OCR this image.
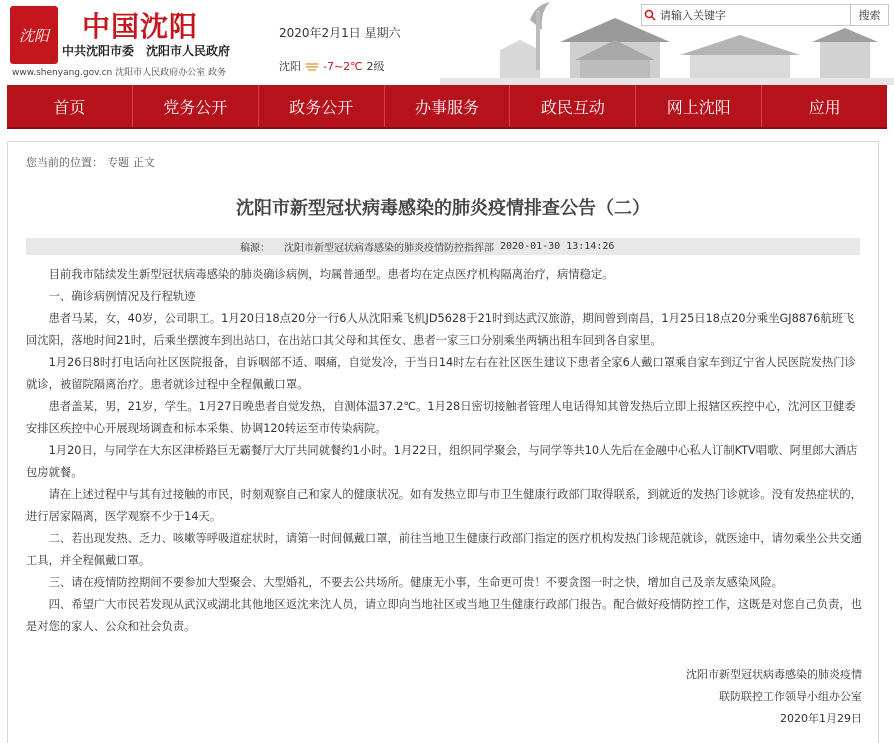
沈阳 中国沈阳
中共沈阳市委　沈阳市人民政府
www.shenyang.gov.cn 沈阳市人民政府办公室 政务
2020年2月1日 星期六
沈阳 -7~2℃ 2级
请输入关键字
搜索
首页	党务公开	政务公开	办事服务	政民互动	网上沈阳	应用
您当前的位置： 专题 正文
沈阳市新型冠状病毒感染的肺炎疫情排查公告（二）
稿源： 沈阳市新型冠状病毒感染的肺炎疫情防控指挥部 2020-01-30 13:14:26

目前我市陆续发生新型冠状病毒感染的肺炎确诊病例，均属普通型。患者均在定点医疗机构隔离治疗，病情稳定。

一、确诊病例情况及行程轨迹

患者马某，女，40岁，公司职工。1月20日18点20分一行6人从沈阳乘飞机JD5628于21时到达武汉旅游，期间曾到南昌，1月25日18点20分乘坐GJ8876航班飞回沈阳，落地时间21时，后乘坐摆渡车到出站口，在出站口其父母和其侄女、患者一家三口分别乘坐两辆出租车回到各自家里。

1月26日8时打电话向社区医院报备，自诉咽部不适、咽痛，自觉发冷，于当日14时左右在社区医生建议下患者全家6人戴口罩乘自家车到辽宁省人民医院发热门诊就诊，被留院隔离治疗。患者就诊过程中全程佩戴口罩。

患者盖某，男，21岁，学生。1月27日晚患者自觉发热，自测体温37.2℃。1月28日密切接触者管理人电话得知其曾发热后立即上报辖区疾控中心，沈河区卫健委安排区疾控中心开展现场调查和标本采集、协调120转运至市传染病院。

1月20日，与同学在大东区津桥路巨无霸餐厅大厅共同就餐约1小时。1月22日，组织同学聚会，与同学等共10人先后在金融中心私人订制KTV唱歌、阿里郎大酒店包房就餐。

请在上述过程中与其有过接触的市民，时刻观察自己和家人的健康状况。如有发热立即与市卫生健康行政部门取得联系，到就近的发热门诊就诊。没有发热症状的，进行居家隔离，医学观察不少于14天。

二、若出现发热、乏力、咳嗽等呼吸道症状时，请第一时间佩戴口罩，前往当地卫生健康行政部门指定的医疗机构发热门诊规范就诊，就医途中，请勿乘坐公共交通工具，并全程佩戴口罩。

三、请在疫情防控期间不要参加大型聚会、大型婚礼，不要去公共场所。健康无小事，生命更可贵！不要贪图一时之快，增加自己及亲友感染风险。

四、希望广大市民若发现从武汉或湖北其他地区返沈来沈人员，请立即向当地社区或当地卫生健康行政部门报告。配合做好疫情防控工作，这既是对您自己负责，也是对您的家人、公众和社会负责。

沈阳市新型冠状病毒感染的肺炎疫情
联防联控工作领导小组办公室
2020年1月29日
